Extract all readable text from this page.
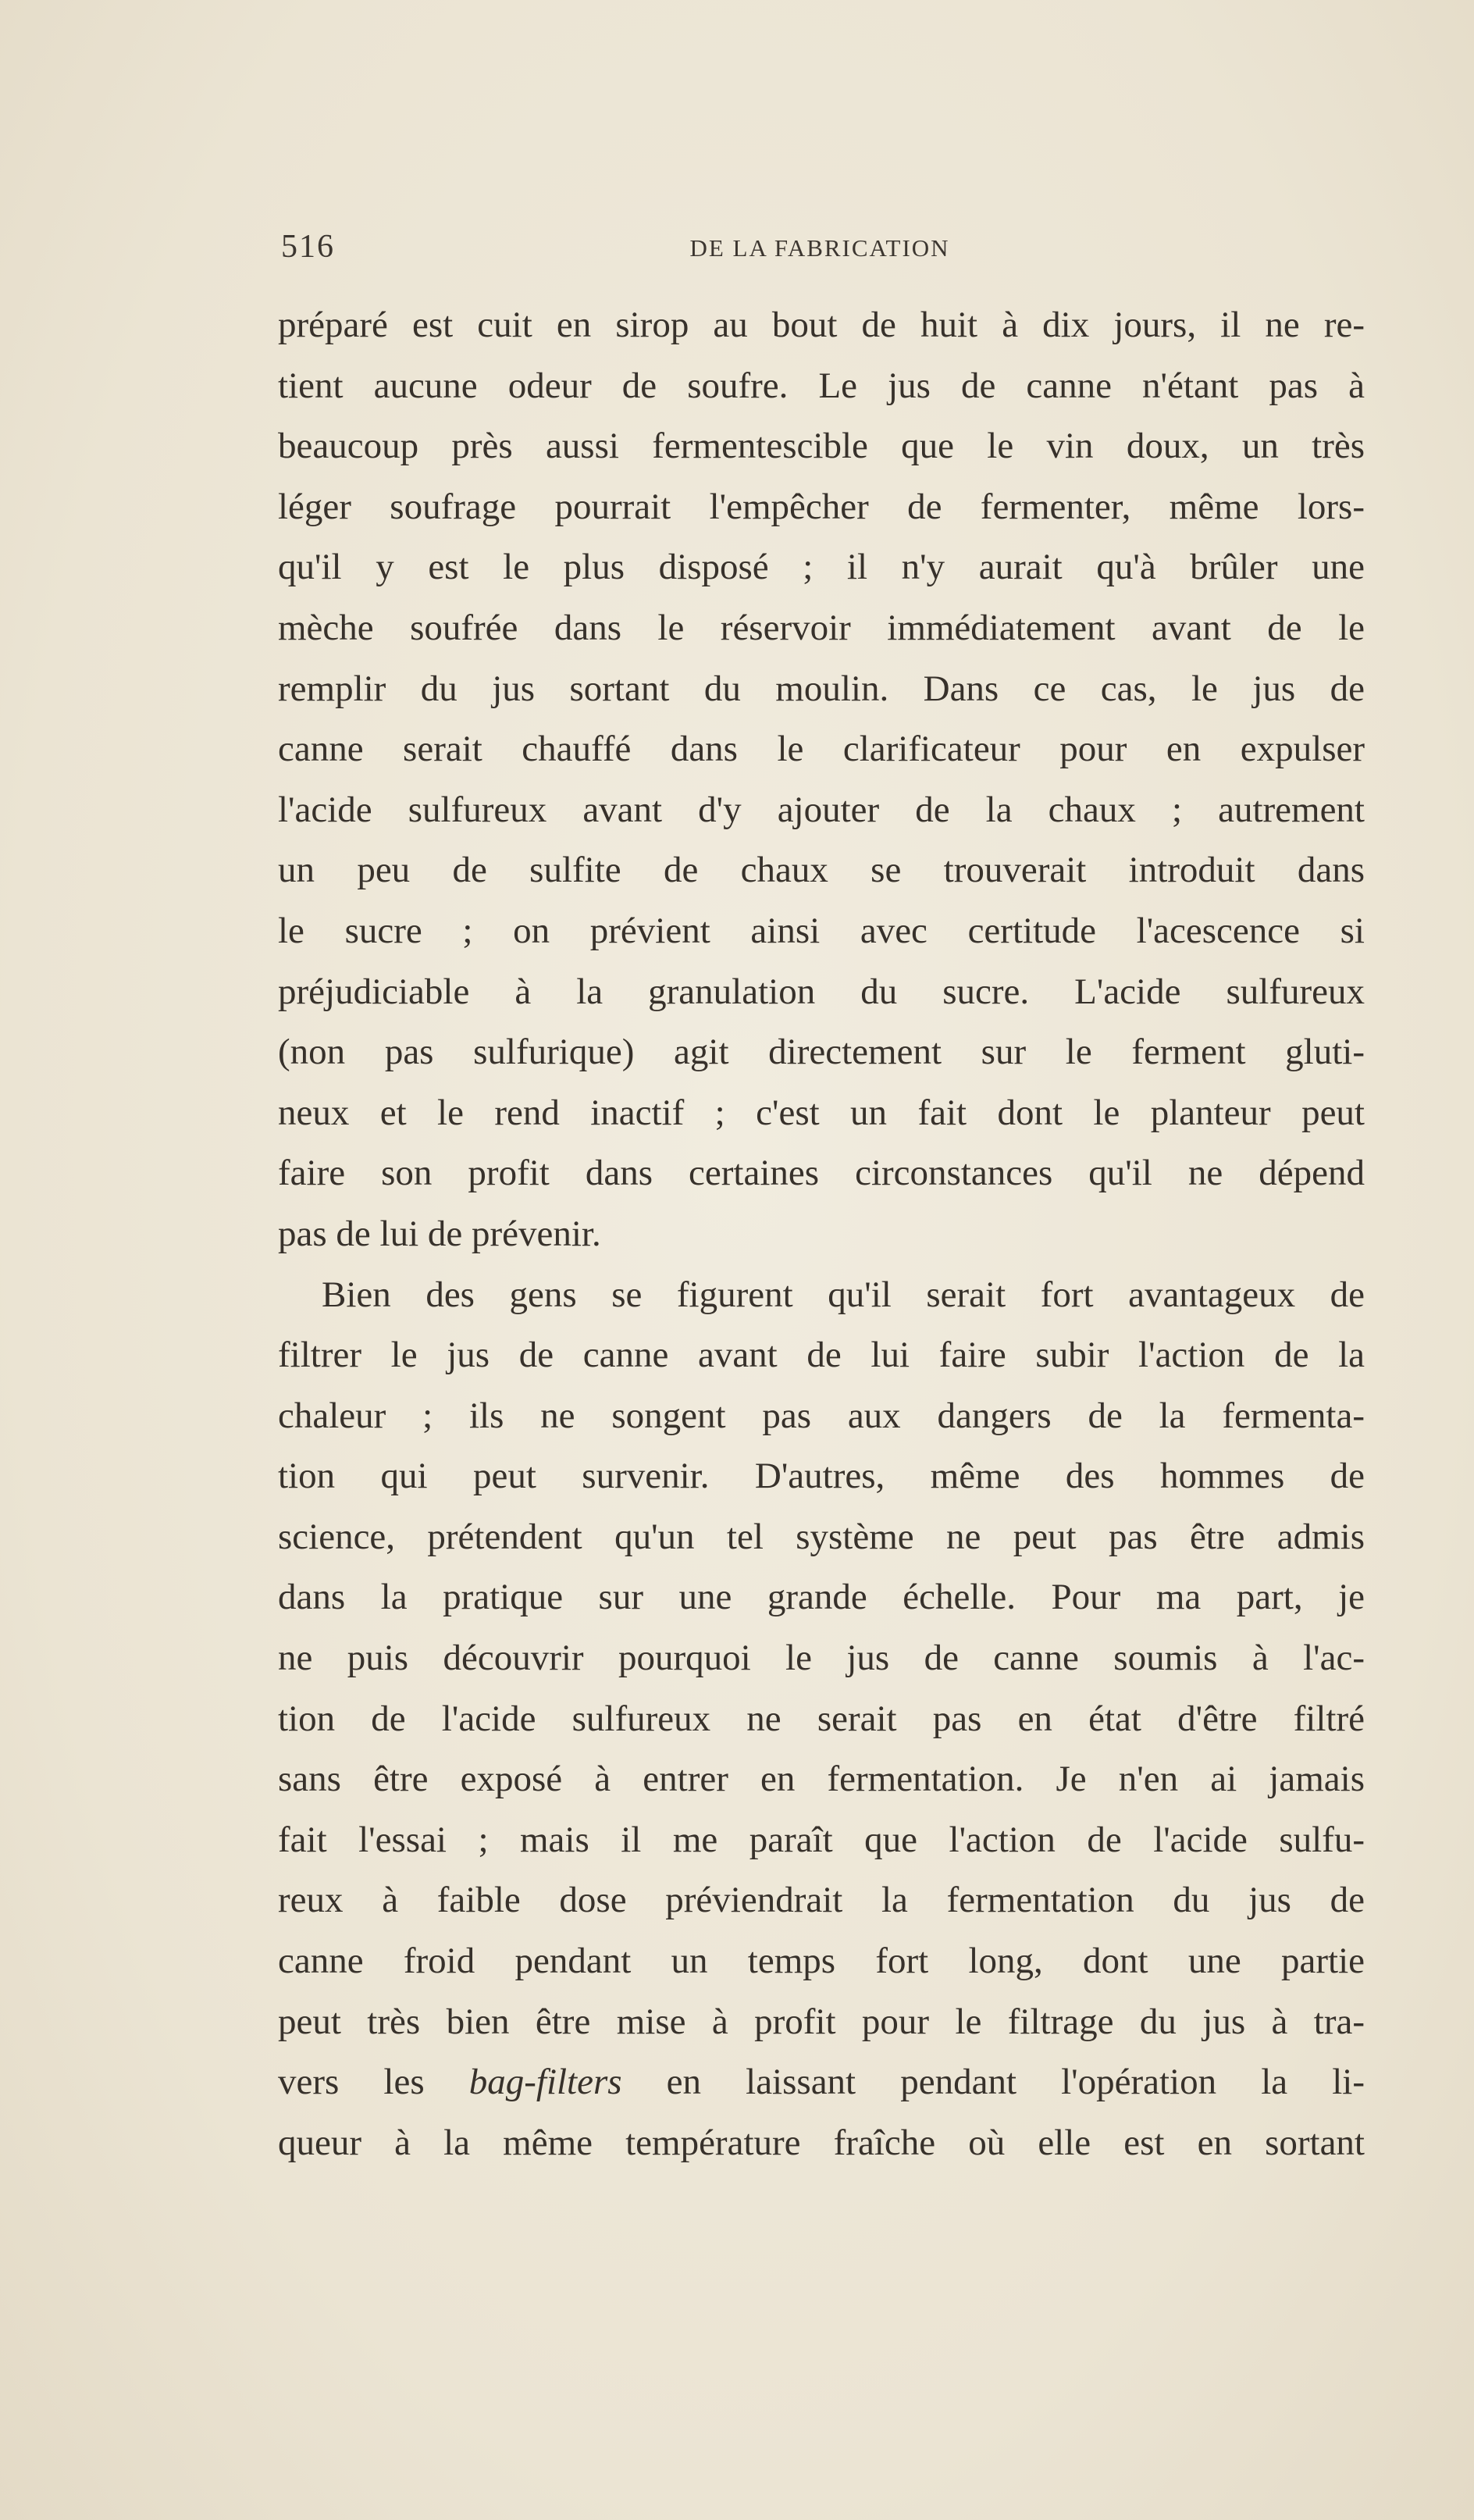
516	DE LA FABRICATION
préparé est cuit en sirop au bout de huit à dix jours, il ne re-
tient aucune odeur de soufre. Le jus de canne n'étant pas à
beaucoup près aussi fermentescible que le vin doux, un très
léger soufrage pourrait l'empêcher de fermenter, même lors-
qu'il y est le plus disposé ; il n'y aurait qu'à brûler une
mèche soufrée dans le réservoir immédiatement avant de le
remplir du jus sortant du moulin. Dans ce cas, le jus de
canne serait chauffé dans le clarificateur pour en expulser
l'acide sulfureux avant d'y ajouter de la chaux ; autrement
un peu de sulfite de chaux se trouverait introduit dans
le sucre ; on prévient ainsi avec certitude l'acescence si
préjudiciable à la granulation du sucre. L'acide sulfureux
(non pas sulfurique) agit directement sur le ferment gluti-
neux et le rend inactif ; c'est un fait dont le planteur peut
faire son profit dans certaines circonstances qu'il ne dépend
pas de lui de prévenir.
Bien des gens se figurent qu'il serait fort avantageux de
filtrer le jus de canne avant de lui faire subir l'action de la
chaleur ; ils ne songent pas aux dangers de la fermenta-
tion qui peut survenir. D'autres, même des hommes de
science, prétendent qu'un tel système ne peut pas être admis
dans la pratique sur une grande échelle. Pour ma part, je
ne puis découvrir pourquoi le jus de canne soumis à l'ac-
tion de l'acide sulfureux ne serait pas en état d'être filtré
sans être exposé à entrer en fermentation. Je n'en ai jamais
fait l'essai ; mais il me paraît que l'action de l'acide sulfu-
reux à faible dose préviendrait la fermentation du jus de
canne froid pendant un temps fort long, dont une partie
peut très bien être mise à profit pour le filtrage du jus à tra-
vers les bag-filters en laissant pendant l'opération la li-
queur à la même température fraîche où elle est en sortant
